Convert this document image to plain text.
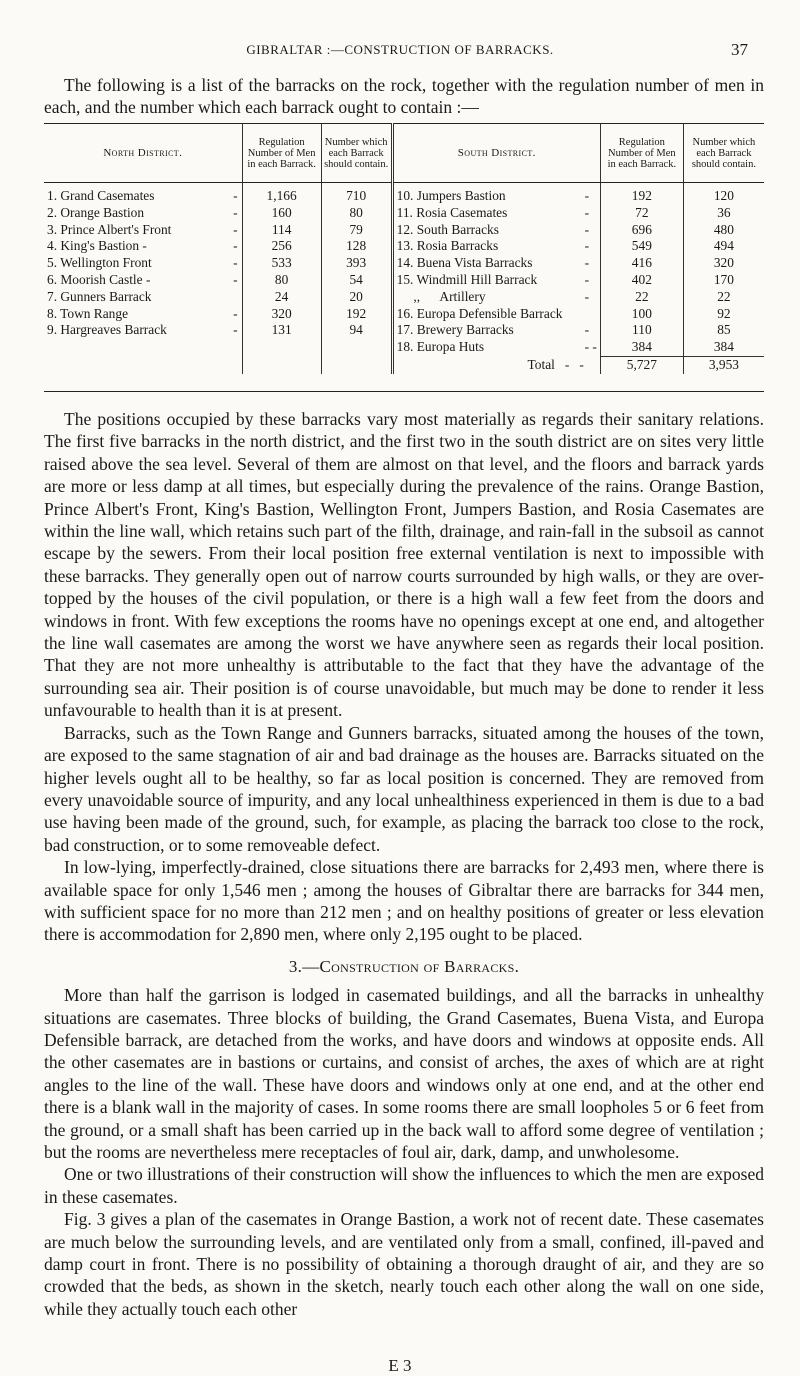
GIBRALTAR :—CONSTRUCTION OF BARRACKS.	37
The following is a list of the barracks on the rock, together with the regulation number of men in each, and the number which each barrack ought to contain :—
North District.		Regulation Number of Men in each Barrack.	Number which each Barrack should contain.	South District.		Regulation Number of Men in each Barrack.	Number which each Barrack should contain.
1. Grand Casemates	-	1,166	710	10. Jumpers Bastion	-	192	120
2. Orange Bastion	-	160	80	11. Rosia Casemates	-	72	36
3. Prince Albert's Front	-	114	79	12. South Barracks	-	696	480
4. King's Bastion -	-	256	128	13. Rosia Barracks	-	549	494
5. Wellington Front	-	533	393	14. Buena Vista Barracks	-	416	320
6. Moorish Castle -	-	80	54	15. Windmill Hill Barrack	-	402	170
7. Gunners Barrack		24	20	,,      Artillery	-	22	22
8. Town Range	-	320	192	16. Europa Defensible Barrack		100	92
9. Hargreaves Barrack	-	131	94	17. Brewery Barracks	-	110	85
				18. Europa Huts	- -	384	384
				Total   -   -		5,727	3,953

The positions occupied by these barracks vary most materially as regards their sanitary relations. The first five barracks in the north district, and the first two in the south district are on sites very little raised above the sea level. Several of them are almost on that level, and the floors and barrack yards are more or less damp at all times, but especially during the prevalence of the rains. Orange Bastion, Prince Albert's Front, King's Bastion, Wellington Front, Jumpers Bastion, and Rosia Casemates are within the line wall, which retains such part of the filth, drainage, and rain-fall in the subsoil as cannot escape by the sewers. From their local position free external ventilation is next to impossible with these barracks. They generally open out of narrow courts surrounded by high walls, or they are over-topped by the houses of the civil population, or there is a high wall a few feet from the doors and windows in front. With few exceptions the rooms have no openings except at one end, and altogether the line wall casemates are among the worst we have anywhere seen as regards their local position. That they are not more unhealthy is attributable to the fact that they have the advantage of the surrounding sea air. Their position is of course unavoidable, but much may be done to render it less unfavourable to health than it is at present.

Barracks, such as the Town Range and Gunners barracks, situated among the houses of the town, are exposed to the same stagnation of air and bad drainage as the houses are. Barracks situated on the higher levels ought all to be healthy, so far as local position is concerned. They are removed from every unavoidable source of impurity, and any local unhealthiness experienced in them is due to a bad use having been made of the ground, such, for example, as placing the barrack too close to the rock, bad construction, or to some removeable defect.

In low-lying, imperfectly-drained, close situations there are barracks for 2,493 men, where there is available space for only 1,546 men ; among the houses of Gibraltar there are barracks for 344 men, with sufficient space for no more than 212 men ; and on healthy positions of greater or less elevation there is accommodation for 2,890 men, where only 2,195 ought to be placed.

3.—Construction of Barracks.

More than half the garrison is lodged in casemated buildings, and all the barracks in unhealthy situations are casemates. Three blocks of building, the Grand Casemates, Buena Vista, and Europa Defensible barrack, are detached from the works, and have doors and windows at opposite ends. All the other casemates are in bastions or curtains, and consist of arches, the axes of which are at right angles to the line of the wall. These have doors and windows only at one end, and at the other end there is a blank wall in the majority of cases. In some rooms there are small loopholes 5 or 6 feet from the ground, or a small shaft has been carried up in the back wall to afford some degree of ventilation ; but the rooms are nevertheless mere receptacles of foul air, dark, damp, and unwholesome.

One or two illustrations of their construction will show the influences to which the men are exposed in these casemates.

Fig. 3 gives a plan of the casemates in Orange Bastion, a work not of recent date. These casemates are much below the surrounding levels, and are ventilated only from a small, confined, ill-paved and damp court in front. There is no possibility of obtaining a thorough draught of air, and they are so crowded that the beds, as shown in the sketch, nearly touch each other along the wall on one side, while they actually touch each other

E 3
